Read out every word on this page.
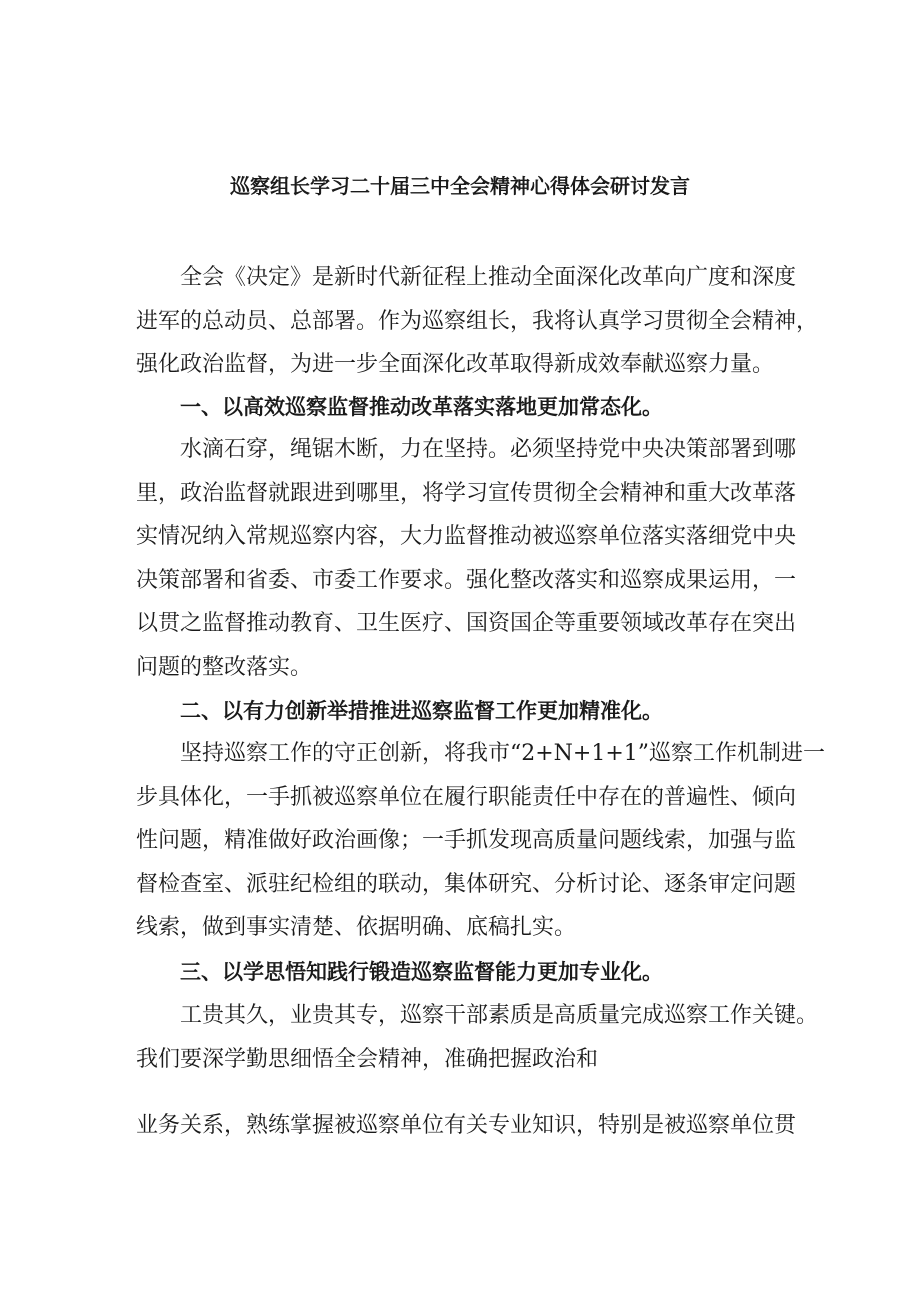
巡察组长学习二十届三中全会精神心得体会研讨发言
全会《决定》是新时代新征程上推动全面深化改革向广度和深度
进军的总动员、总部署。作为巡察组长，我将认真学习贯彻全会精神，
强化政治监督，为进一步全面深化改革取得新成效奉献巡察力量。
一、以高效巡察监督推动改革落实落地更加常态化。
水滴石穿，绳锯木断，力在坚持。必须坚持党中央决策部署到哪
里，政治监督就跟进到哪里，将学习宣传贯彻全会精神和重大改革落
实情况纳入常规巡察内容，大力监督推动被巡察单位落实落细党中央
决策部署和省委、市委工作要求。强化整改落实和巡察成果运用，一
以贯之监督推动教育、卫生医疗、国资国企等重要领域改革存在突出
问题的整改落实。
二、以有力创新举措推进巡察监督工作更加精准化。
坚持巡察工作的守正创新，将我市“2+N+1+1”巡察工作机制进一
步具体化，一手抓被巡察单位在履行职能责任中存在的普遍性、倾向
性问题，精准做好政治画像；一手抓发现高质量问题线索，加强与监
督检查室、派驻纪检组的联动，集体研究、分析讨论、逐条审定问题
线索，做到事实清楚、依据明确、底稿扎实。
三、以学思悟知践行锻造巡察监督能力更加专业化。
工贵其久，业贵其专，巡察干部素质是高质量完成巡察工作关键。
我们要深学勤思细悟全会精神，准确把握政治和
业务关系，熟练掌握被巡察单位有关专业知识，特别是被巡察单位贯
